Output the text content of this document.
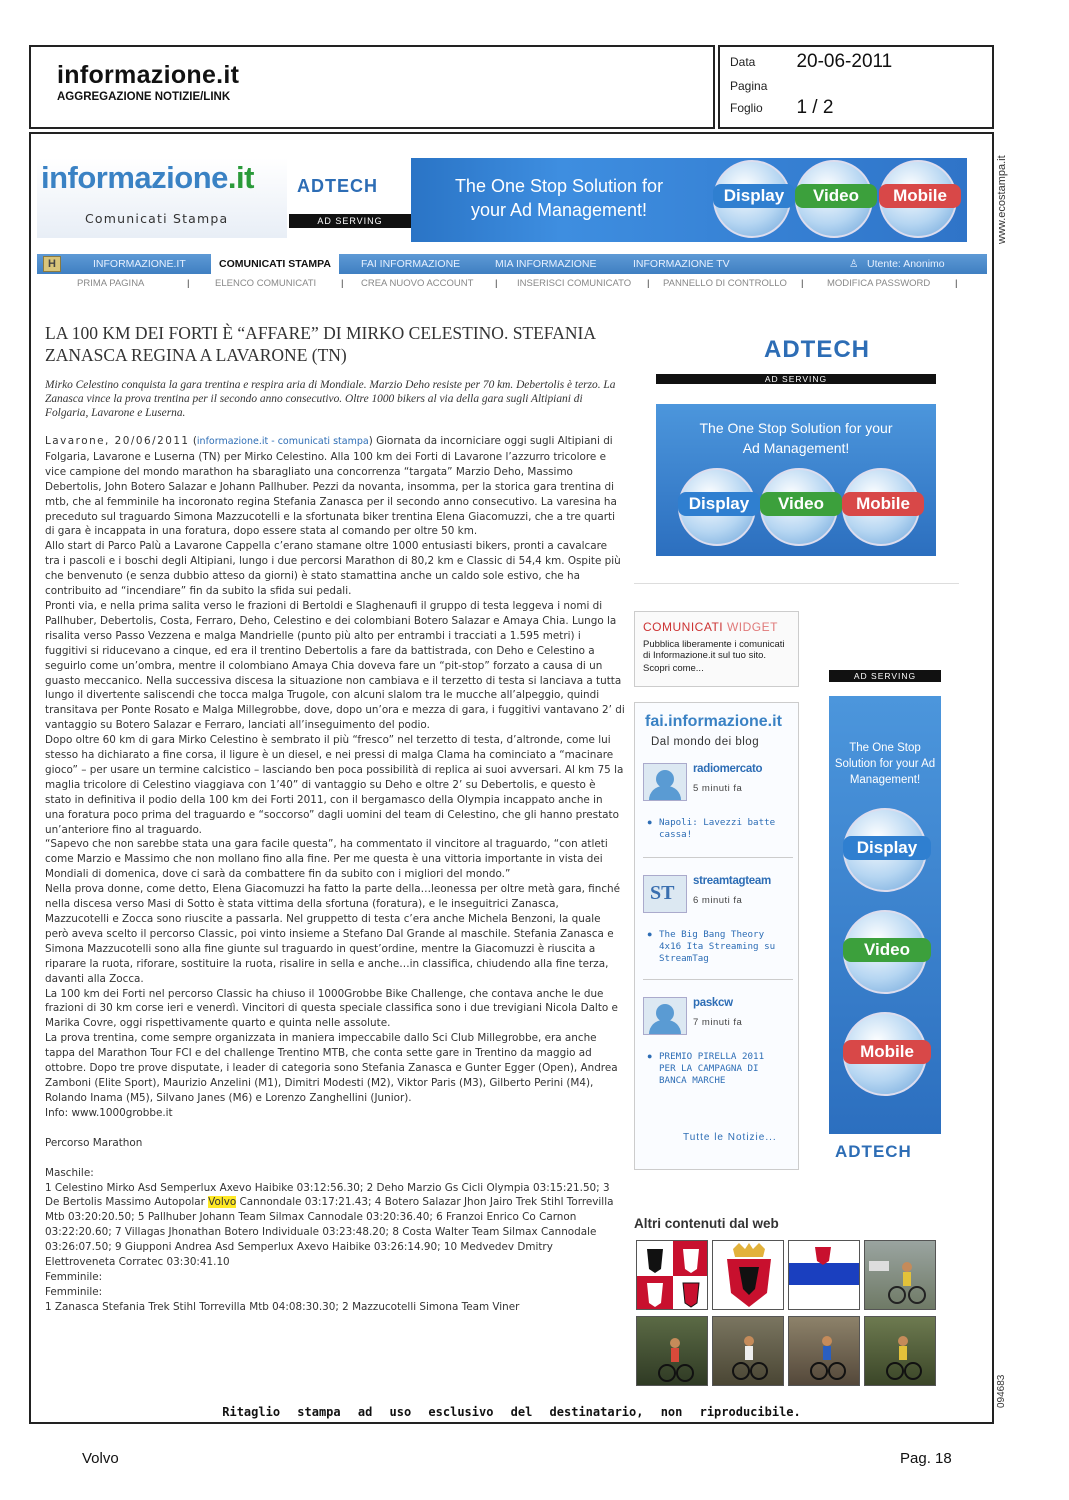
informazione.it
AGGREGAZIONE NOTIZIE/LINK
Data 20-06-2011
Pagina
Foglio 1 / 2
www.ecostampa.it
094683
informazione.it
Comunicati Stampa
ADTECH
AD SERVING
The One Stop Solution for your Ad Management!
Display	Video	Mobile
H	INFORMAZIONE.IT	COMUNICATI STAMPA	FAI INFORMAZIONE	MIA INFORMAZIONE	INFORMAZIONE TV	♙ Utente: Anonimo
PRIMA PAGINA	|	ELENCO COMUNICATI	| CREA NUOVO ACCOUNT | INSERISCI COMUNICATO | PANNELLO DI CONTROLLO | MODIFICA PASSWORD	|
LA 100 KM DEI FORTI È “AFFARE” DI MIRKO CELESTINO. STEFANIA ZANASCA REGINA A LAVARONE (TN)
Mirko Celestino conquista la gara trentina e respira aria di Mondiale. Marzio Deho resiste per 70 km. Debertolis è terzo. La Zanasca vince la prova trentina per il secondo anno consecutivo. Oltre 1000 bikers al via della gara sugli Altipiani di Folgaria, Lavarone e Luserna.
Lavarone, 20/06/2011 (informazione.it - comunicati stampa) Giornata da incorniciare oggi sugli Altipiani di Folgaria, Lavarone e Luserna (TN) per Mirko Celestino. Alla 100 km dei Forti di Lavarone l’azzurro tricolore e vice campione del mondo marathon ha sbaragliato una concorrenza “targata” Marzio Deho, Massimo Debertolis, John Botero Salazar e Johann Pallhuber. Pezzi da novanta, insomma, per la storica gara trentina di mtb, che al femminile ha incoronato regina Stefania Zanasca per il secondo anno consecutivo. La varesina ha preceduto sul traguardo Simona Mazzucotelli e la sfortunata biker trentina Elena Giacomuzzi, che a tre quarti di gara è incappata in una foratura, dopo essere stata al comando per oltre 50 km.
Allo start di Parco Palù a Lavarone Cappella c’erano stamane oltre 1000 entusiasti bikers, pronti a cavalcare tra i pascoli e i boschi degli Altipiani, lungo i due percorsi Marathon di 80,2 km e Classic di 54,4 km. Ospite più che benvenuto (e senza dubbio atteso da giorni) è stato stamattina anche un caldo sole estivo, che ha contribuito ad “incendiare” fin da subito la sfida sui pedali.
Pronti via, e nella prima salita verso le frazioni di Bertoldi e Slaghenaufi il gruppo di testa leggeva i nomi di Pallhuber, Debertolis, Costa, Ferraro, Deho, Celestino e dei colombiani Botero Salazar e Amaya Chia. Lungo la risalita verso Passo Vezzena e malga Mandrielle (punto più alto per entrambi i tracciati a 1.595 metri) i fuggitivi si riducevano a cinque, ed era il trentino Debertolis a fare da battistrada, con Deho e Celestino a seguirlo come un’ombra, mentre il colombiano Amaya Chia doveva fare un “pit-stop” forzato a causa di un guasto meccanico. Nella successiva discesa la situazione non cambiava e il terzetto di testa si lanciava a tutta lungo il divertente saliscendi che tocca malga Trugole, con alcuni slalom tra le mucche all’alpeggio, quindi transitava per Ponte Rosato e Malga Millegrobbe, dove, dopo un’ora e mezza di gara, i fuggitivi vantavano 2’ di vantaggio su Botero Salazar e Ferraro, lanciati all’inseguimento del podio.
Dopo oltre 60 km di gara Mirko Celestino è sembrato il più “fresco” nel terzetto di testa, d’altronde, come lui stesso ha dichiarato a fine corsa, il ligure è un diesel, e nei pressi di malga Clama ha cominciato a “macinare gioco” – per usare un termine calcistico – lasciando ben poca possibilità di replica ai suoi avversari. Al km 75 la maglia tricolore di Celestino viaggiava con 1’40” di vantaggio su Deho e oltre 2’ su Debertolis, e questo è stato in definitiva il podio della 100 km dei Forti 2011, con il bergamasco della Olympia incappato anche in una foratura poco prima del traguardo e “soccorso” dagli uomini del team di Celestino, che gli hanno prestato un’anteriore fino al traguardo.
“Sapevo che non sarebbe stata una gara facile questa”, ha commentato il vincitore al traguardo, “con atleti come Marzio e Massimo che non mollano fino alla fine. Per me questa è una vittoria importante in vista dei Mondiali di domenica, dove ci sarà da combattere fin da subito con i migliori del mondo.”
Nella prova donne, come detto, Elena Giacomuzzi ha fatto la parte della…leonessa per oltre metà gara, finché nella discesa verso Masi di Sotto è stata vittima della sfortuna (foratura), e le inseguitrici Zanasca, Mazzucotelli e Zocca sono riuscite a passarla. Nel gruppetto di testa c’era anche Michela Benzoni, la quale però aveva scelto il percorso Classic, poi vinto insieme a Stefano Dal Grande al maschile. Stefania Zanasca e Simona Mazzucotelli sono alla fine giunte sul traguardo in quest’ordine, mentre la Giacomuzzi è riuscita a riparare la ruota, riforare, sostituire la ruota, risalire in sella e anche…in classifica, chiudendo alla fine terza, davanti alla Zocca.
La 100 km dei Forti nel percorso Classic ha chiuso il 1000Grobbe Bike Challenge, che contava anche le due frazioni di 30 km corse ieri e venerdì. Vincitori di questa speciale classifica sono i due trevigiani Nicola Dalto e Marika Covre, oggi rispettivamente quarto e quinta nelle assolute.
La prova trentina, come sempre organizzata in maniera impeccabile dallo Sci Club Millegrobbe, era anche tappa del Marathon Tour FCI e del challenge Trentino MTB, che conta sette gare in Trentino da maggio ad ottobre. Dopo tre prove disputate, i leader di categoria sono Stefania Zanasca e Gunter Egger (Open), Andrea Zamboni (Elite Sport), Maurizio Anzelini (M1), Dimitri Modesti (M2), Viktor Paris (M3), Gilberto Perini (M4), Rolando Inama (M5), Silvano Janes (M6) e Lorenzo Zanghellini (Junior).
Info: www.1000grobbe.it
Percorso Marathon
Maschile:
1 Celestino Mirko Asd Semperlux Axevo Haibike 03:12:56.30; 2 Deho Marzio Gs Cicli Olympia 03:15:21.50; 3 De Bertolis Massimo Autopolar Volvo Cannondale 03:17:21.43; 4 Botero Salazar Jhon Jairo Trek Stihl Torrevilla Mtb 03:20:20.50; 5 Pallhuber Johann Team Silmax Cannodale 03:20:36.40; 6 Franzoi Enrico Co Carnon 03:22:20.60; 7 Villagas Jhonathan Botero Individuale 03:23:48.20; 8 Costa Walter Team Silmax Cannodale 03:26:07.50; 9 Giupponi Andrea Asd Semperlux Axevo Haibike 03:26:14.90; 10 Medvedev Dmitry Elettroveneta Corratec 03:30:41.10
Femminile:
Femminile:
1 Zanasca Stefania Trek Stihl Torrevilla Mtb 04:08:30.30; 2 Mazzucotelli Simona Team Viner
ADTECH
AD SERVING
The One Stop Solution for your Ad Management!
Display	Video	Mobile
COMUNICATI WIDGET
Pubblica liberamente i comunicati di Informazione.it sul tuo sito.
Scopri come...
fai.informazione.it
Dal mondo dei blog
radiomercato
5 minuti fa
● Napoli: Lavezzi batte cassa!
ST
streamtagteam
6 minuti fa
● The Big Bang Theory 4x16 Ita Streaming su StreamTag
paskcw
7 minuti fa
● PREMIO PIRELLA 2011 PER LA CAMPAGNA DI BANCA MARCHE
Tutte le Notizie...
AD SERVING
The One Stop Solution for your Ad Management!
Display
Video
Mobile
ADTECH
Altri contenuti dal web
Ritaglio stampa ad uso esclusivo del destinatario, non riproducibile.
Volvo	Pag. 18
